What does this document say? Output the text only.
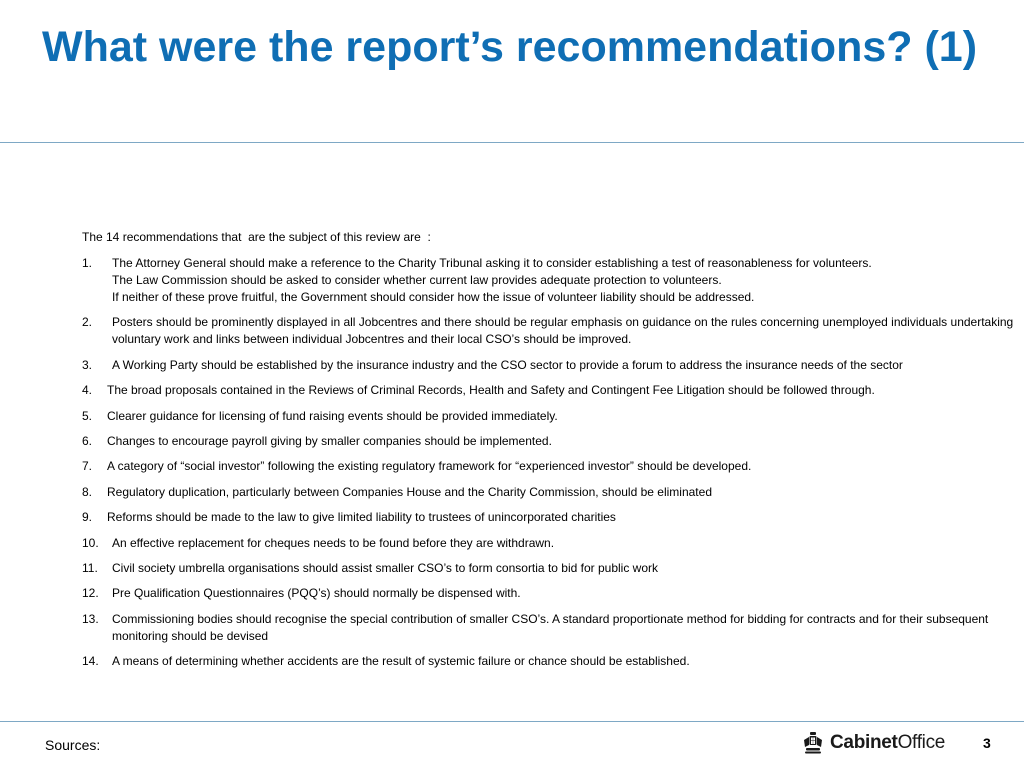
What were the report’s recommendations? (1)
The 14 recommendations that  are the subject of this review are  :
1.	The Attorney General should make a reference to the Charity Tribunal asking it to consider establishing a test of reasonableness for volunteers.
The Law Commission should be asked to consider whether current law provides adequate protection to volunteers.
If neither of these prove fruitful, the Government should consider how the issue of volunteer liability should be addressed.
2.	Posters should be prominently displayed in all Jobcentres and there should be regular emphasis on guidance on the rules concerning unemployed individuals undertaking voluntary work and links between individual Jobcentres and their local CSO’s should be improved.
3.	A Working Party should be established by the insurance industry and the CSO sector to provide a forum to address the insurance needs of the sector
4.	The broad proposals contained in the Reviews of Criminal Records, Health and Safety and Contingent Fee Litigation should be followed through.
5.	Clearer guidance for licensing of fund raising events should be provided immediately.
6.	Changes to encourage payroll giving by smaller companies should be implemented.
7.	A category of “social investor” following the existing regulatory framework for “experienced investor” should be developed.
8.	Regulatory duplication, particularly between Companies House and the Charity Commission, should be eliminated
9.	Reforms should be made to the law to give limited liability to trustees of unincorporated charities
10.	An effective replacement for cheques needs to be found before they are withdrawn.
11.	Civil society umbrella organisations should assist smaller CSO’s to form consortia to bid for public work
12.	Pre Qualification Questionnaires (PQQ’s) should normally be dispensed with.
13.	Commissioning bodies should recognise the special contribution of smaller CSO’s. A standard proportionate method for bidding for contracts and for their subsequent monitoring should be devised
14.	A means of determining whether accidents are the result of systemic failure or chance should be established.
Sources:	CabinetOffice	3
